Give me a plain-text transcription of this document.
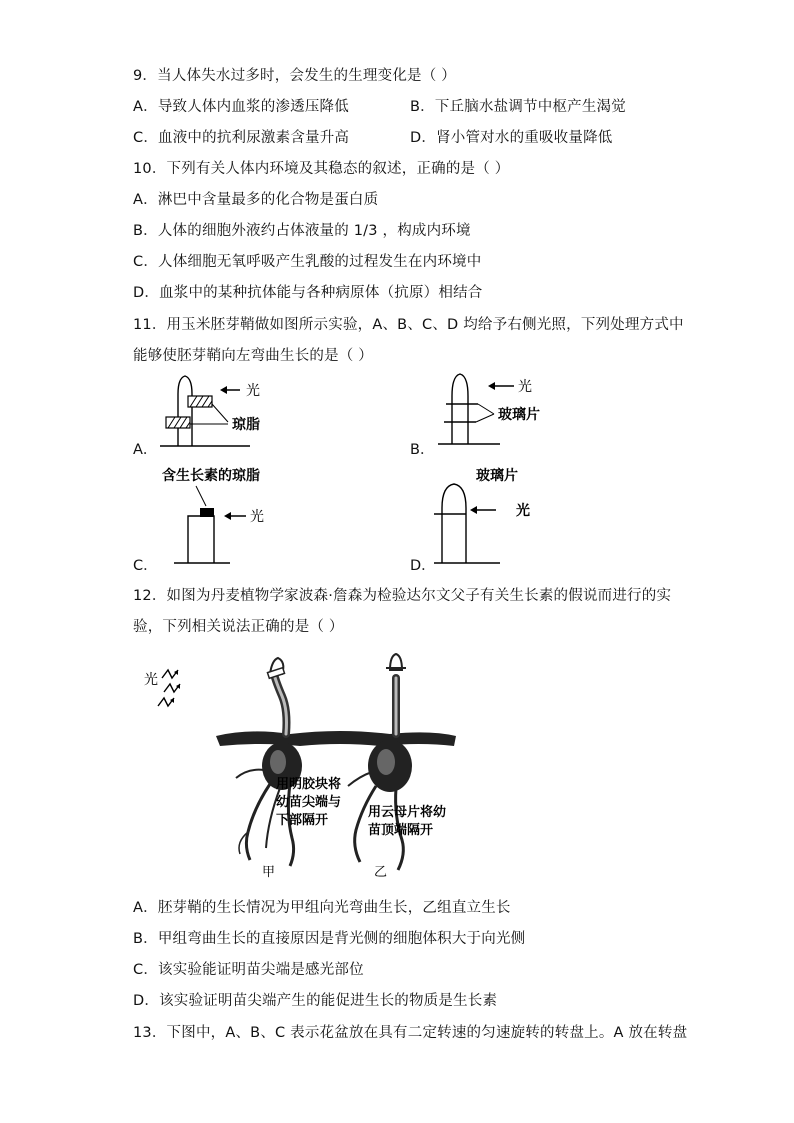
9．当人体失水过多时，会发生的生理变化是（ ）
A．导致人体内血浆的渗透压降低	B．下丘脑水盐调节中枢产生渴觉
C．血液中的抗利尿激素含量升高	D．肾小管对水的重吸收量降低
10．下列有关人体内环境及其稳态的叙述，正确的是（ ）
A．淋巴中含量最多的化合物是蛋白质
B．人体的细胞外液约占体液量的 1/3 ，构成内环境
C．人体细胞无氧呼吸产生乳酸的过程发生在内环境中
D．血浆中的某种抗体能与各种病原体（抗原）相结合
11．用玉米胚芽鞘做如图所示实验，A、B、C、D 均给予右侧光照，下列处理方式中
能够使胚芽鞘向左弯曲生长的是（ ）
光
琼脂
A．
光
玻璃片
B．
含生长素的琼脂
光
C．
玻璃片
光
D．
12．如图为丹麦植物学家波森·詹森为检验达尔文父子有关生长素的假说而进行的实
验，下列相关说法正确的是（ ）
光
用明胶块将
幼苗尖端与
下部隔开
用云母片将幼
苗顶端隔开
甲	乙
A．胚芽鞘的生长情况为甲组向光弯曲生长，乙组直立生长
B．甲组弯曲生长的直接原因是背光侧的细胞体积大于向光侧
C．该实验能证明苗尖端是感光部位
D．该实验证明苗尖端产生的能促进生长的物质是生长素
13．下图中，A、B、C 表示花盆放在具有二定转速的匀速旋转的转盘上。A 放在转盘
